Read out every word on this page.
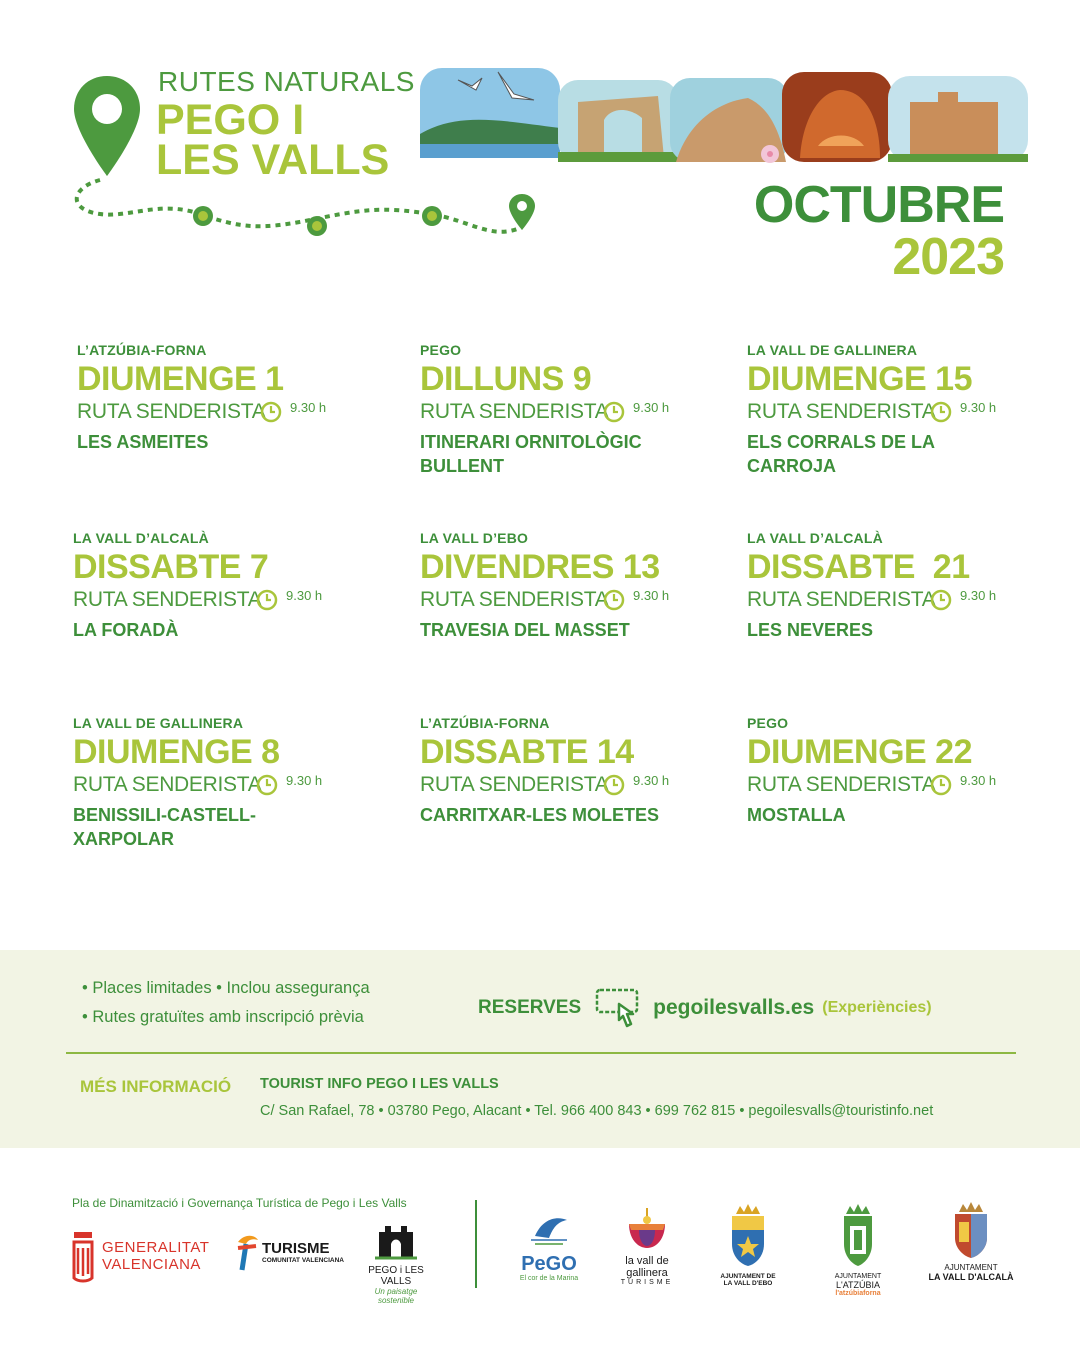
RUTES NATURALS
PEGO I
LES VALLS
OCTUBRE
2023
L’ATZÚBIA-FORNA
DIUMENGE 1
RUTA SENDERISTA 9.30 h
LES ASMEITES
PEGO
DILLUNS 9
RUTA SENDERISTA 9.30 h
ITINERARI ORNITOLÒGIC
BULLENT
LA VALL DE GALLINERA
DIUMENGE 15
RUTA SENDERISTA 9.30 h
ELS CORRALS DE LA
CARROJA
LA VALL D’ALCALÀ
DISSABTE 7
RUTA SENDERISTA 9.30 h
LA FORADÀ
LA VALL D’EBO
DIVENDRES 13
RUTA SENDERISTA 9.30 h
TRAVESIA DEL MASSET
LA VALL D’ALCALÀ
DISSABTE  21
RUTA SENDERISTA 9.30 h
LES NEVERES
LA VALL DE GALLINERA
DIUMENGE 8
RUTA SENDERISTA 9.30 h
BENISSILI-CASTELL-
XARPOLAR
L’ATZÚBIA-FORNA
DISSABTE 14
RUTA SENDERISTA 9.30 h
CARRITXAR-LES MOLETES
PEGO
DIUMENGE 22
RUTA SENDERISTA 9.30 h
MOSTALLA
• Places limitades • Inclou assegurança
• Rutes gratuïtes amb inscripció prèvia	RESERVES	pegoilesvalls.es (Experiències)
MÉS INFORMACIÓ TOURIST INFO PEGO I LES VALLS
C/ San Rafael, 78 • 03780 Pego, Alacant • Tel. 966 400 843 • 699 762 815 • pegoilesvalls@touristinfo.net
Pla de Dinamització i Governança Turística de Pego i Les Valls
GENERALITAT
VALENCIANA
TURISME
COMUNITAT VALENCIANA
PEGO i LES VALLS
Un paisatge sostenible
PeGO
El cor de la Marina
la vall de
gallinera
TURISME
AJUNTAMENT DE
LA VALL D'EBO
AJUNTAMENT
L'ATZÚBIA
l'atzúbiaforna
AJUNTAMENT
LA VALL D'ALCALÀ
